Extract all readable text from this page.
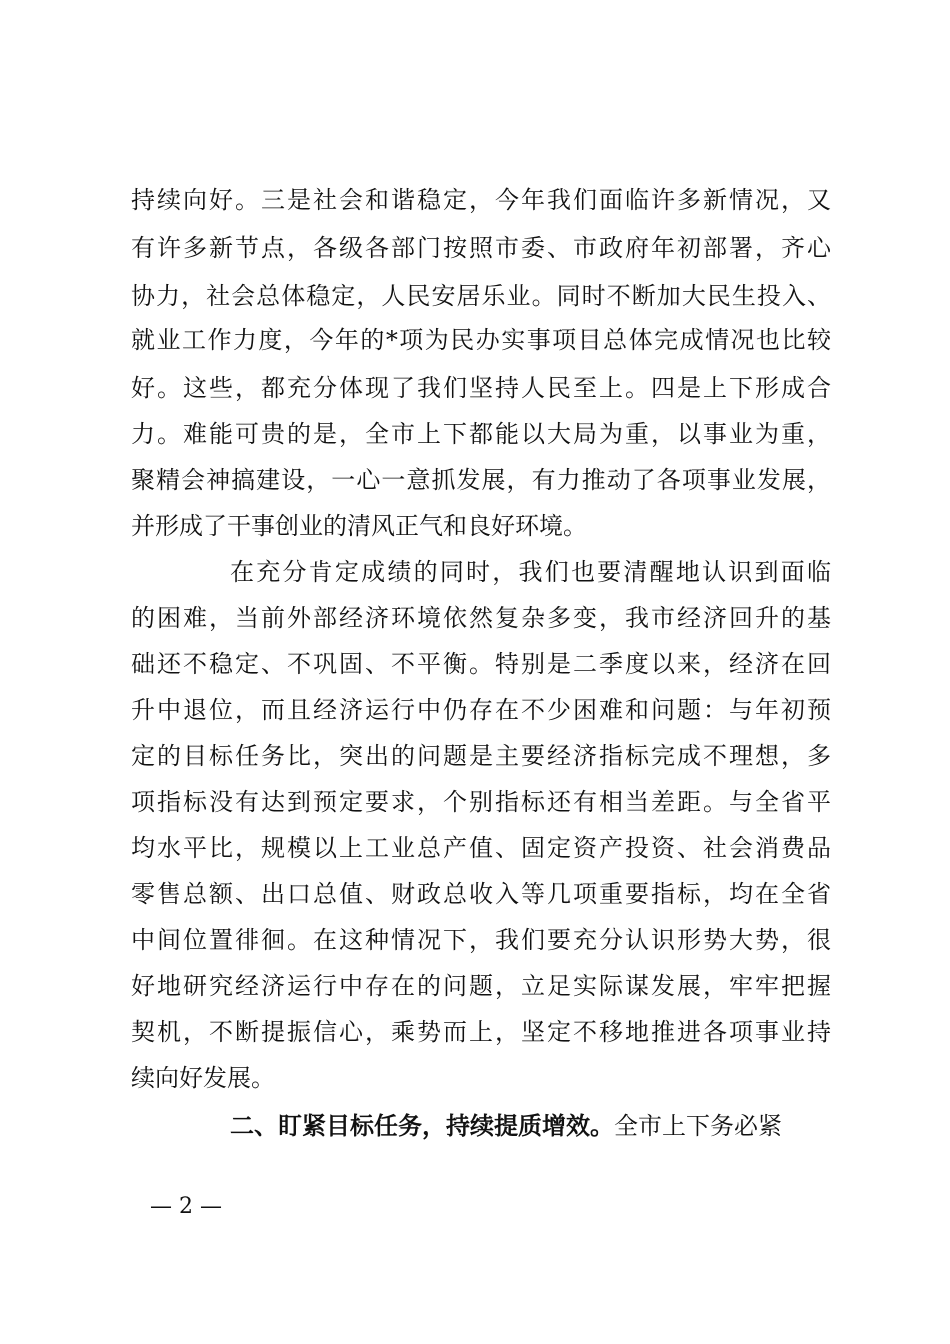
持续向好。三是社会和谐稳定，今年我们面临许多新情况，又
有许多新节点，各级各部门按照市委、市政府年初部署，齐心
协力，社会总体稳定，人民安居乐业。同时不断加大民生投入、
就业工作力度，今年的*项为民办实事项目总体完成情况也比较
好。这些，都充分体现了我们坚持人民至上。四是上下形成合
力。难能可贵的是，全市上下都能以大局为重，以事业为重，
聚精会神搞建设，一心一意抓发展，有力推动了各项事业发展，
并形成了干事创业的清风正气和良好环境。
在充分肯定成绩的同时，我们也要清醒地认识到面临
的困难，当前外部经济环境依然复杂多变，我市经济回升的基
础还不稳定、不巩固、不平衡。特别是二季度以来，经济在回
升中退位，而且经济运行中仍存在不少困难和问题：与年初预
定的目标任务比，突出的问题是主要经济指标完成不理想，多
项指标没有达到预定要求，个别指标还有相当差距。与全省平
均水平比，规模以上工业总产值、固定资产投资、社会消费品
零售总额、出口总值、财政总收入等几项重要指标，均在全省
中间位置徘徊。在这种情况下，我们要充分认识形势大势，很
好地研究经济运行中存在的问题，立足实际谋发展，牢牢把握
契机，不断提振信心，乘势而上，坚定不移地推进各项事业持
续向好发展。
二、盯紧目标任务，持续提质增效。全市上下务必紧
— 2 —
